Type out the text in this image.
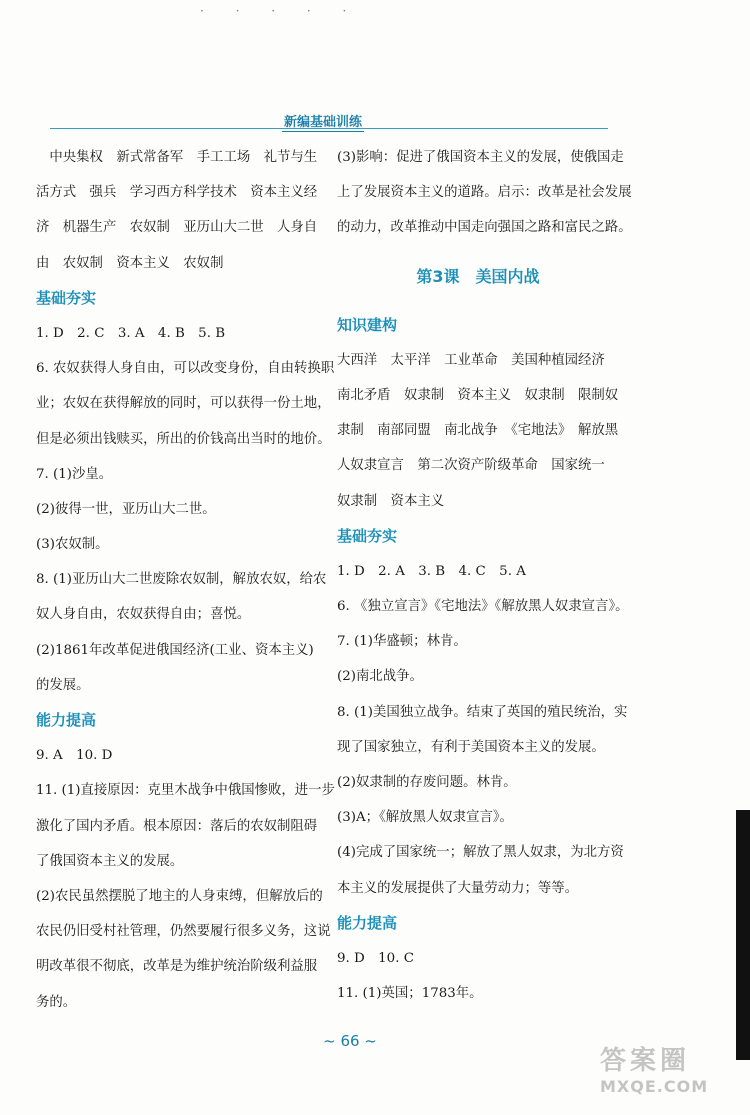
· · · · ·
新编基础训练
　中央集权　新式常备军　手工工场　礼节与生
活方式　强兵　学习西方科学技术　资本主义经
济　机器生产　农奴制　亚历山大二世　人身自
由　农奴制　资本主义　农奴制
基础夯实
1. D　2. C　3. A　4. B　5. B
6. 农奴获得人身自由，可以改变身份，自由转换职
业；农奴在获得解放的同时，可以获得一份土地，
但是必须出钱赎买，所出的价钱高出当时的地价。
7. (1)沙皇。
(2)彼得一世，亚历山大二世。
(3)农奴制。
8. (1)亚历山大二世废除农奴制，解放农奴，给农
奴人身自由，农奴获得自由；喜悦。
(2)1861年改革促进俄国经济(工业、资本主义)
的发展。
能力提高
9. A　10. D
11. (1)直接原因：克里木战争中俄国惨败，进一步
激化了国内矛盾。根本原因：落后的农奴制阻碍
了俄国资本主义的发展。
(2)农民虽然摆脱了地主的人身束缚，但解放后的
农民仍旧受村社管理，仍然要履行很多义务，这说
明改革很不彻底，改革是为维护统治阶级利益服
务的。
(3)影响：促进了俄国资本主义的发展，使俄国走
上了发展资本主义的道路。启示：改革是社会发展
的动力，改革推动中国走向强国之路和富民之路。
第3课　美国内战
知识建构
大西洋　太平洋　工业革命　美国种植园经济
南北矛盾　奴隶制　资本主义　奴隶制　限制奴
隶制　南部同盟　南北战争　《宅地法》　解放黑
人奴隶宣言　第二次资产阶级革命　国家统一
奴隶制　资本主义
基础夯实
1. D　2. A　3. B　4. C　5. A
6. 《独立宣言》《宅地法》《解放黑人奴隶宣言》。
7. (1)华盛顿；林肯。
(2)南北战争。
8. (1)美国独立战争。结束了英国的殖民统治，实
现了国家独立，有利于美国资本主义的发展。
(2)奴隶制的存废问题。林肯。
(3)A；《解放黑人奴隶宣言》。
(4)完成了国家统一；解放了黑人奴隶，为北方资
本主义的发展提供了大量劳动力；等等。
能力提高
9. D　10. C
11. (1)英国；1783年。
~ 66 ~
答案圈
MXQE.COM
